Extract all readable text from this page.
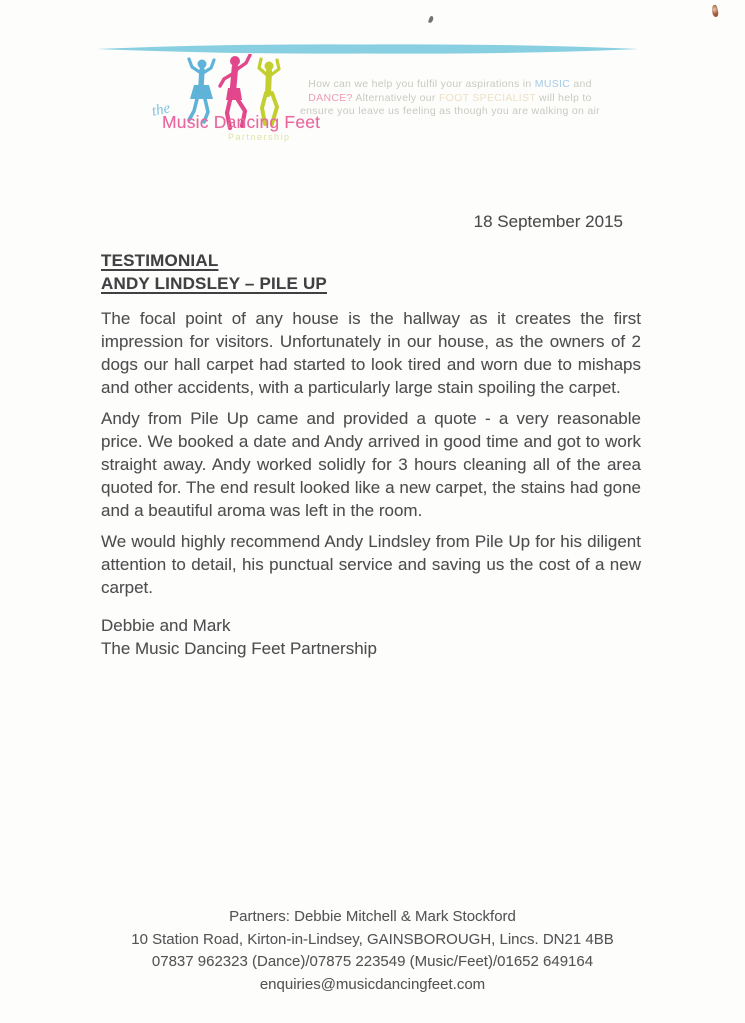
the
Music Dancing Feet
Partnership
How can we help you fulfil your aspirations in MUSIC and
DANCE? Alternatively our FOOT SPECIALIST will help to
ensure you leave us feeling as though you are walking on air
18 September 2015
TESTIMONIAL
ANDY LINDSLEY – PILE UP

The focal point of any house is the hallway as it creates the first impression for visitors. Unfortunately in our house, as the owners of 2 dogs our hall carpet had started to look tired and worn due to mishaps and other accidents, with a particularly large stain spoiling the carpet.

Andy from Pile Up came and provided a quote - a very reasonable price. We booked a date and Andy arrived in good time and got to work straight away. Andy worked solidly for 3 hours cleaning all of the area quoted for. The end result looked like a new carpet, the stains had gone and a beautiful aroma was left in the room.

We would highly recommend Andy Lindsley from Pile Up for his diligent attention to detail, his punctual service and saving us the cost of a new carpet.

Debbie and Mark
The Music Dancing Feet Partnership
Partners: Debbie Mitchell & Mark Stockford
10 Station Road, Kirton-in-Lindsey, GAINSBOROUGH, Lincs. DN21 4BB
07837 962323 (Dance)/07875 223549 (Music/Feet)/01652 649164
enquiries@musicdancingfeet.com
